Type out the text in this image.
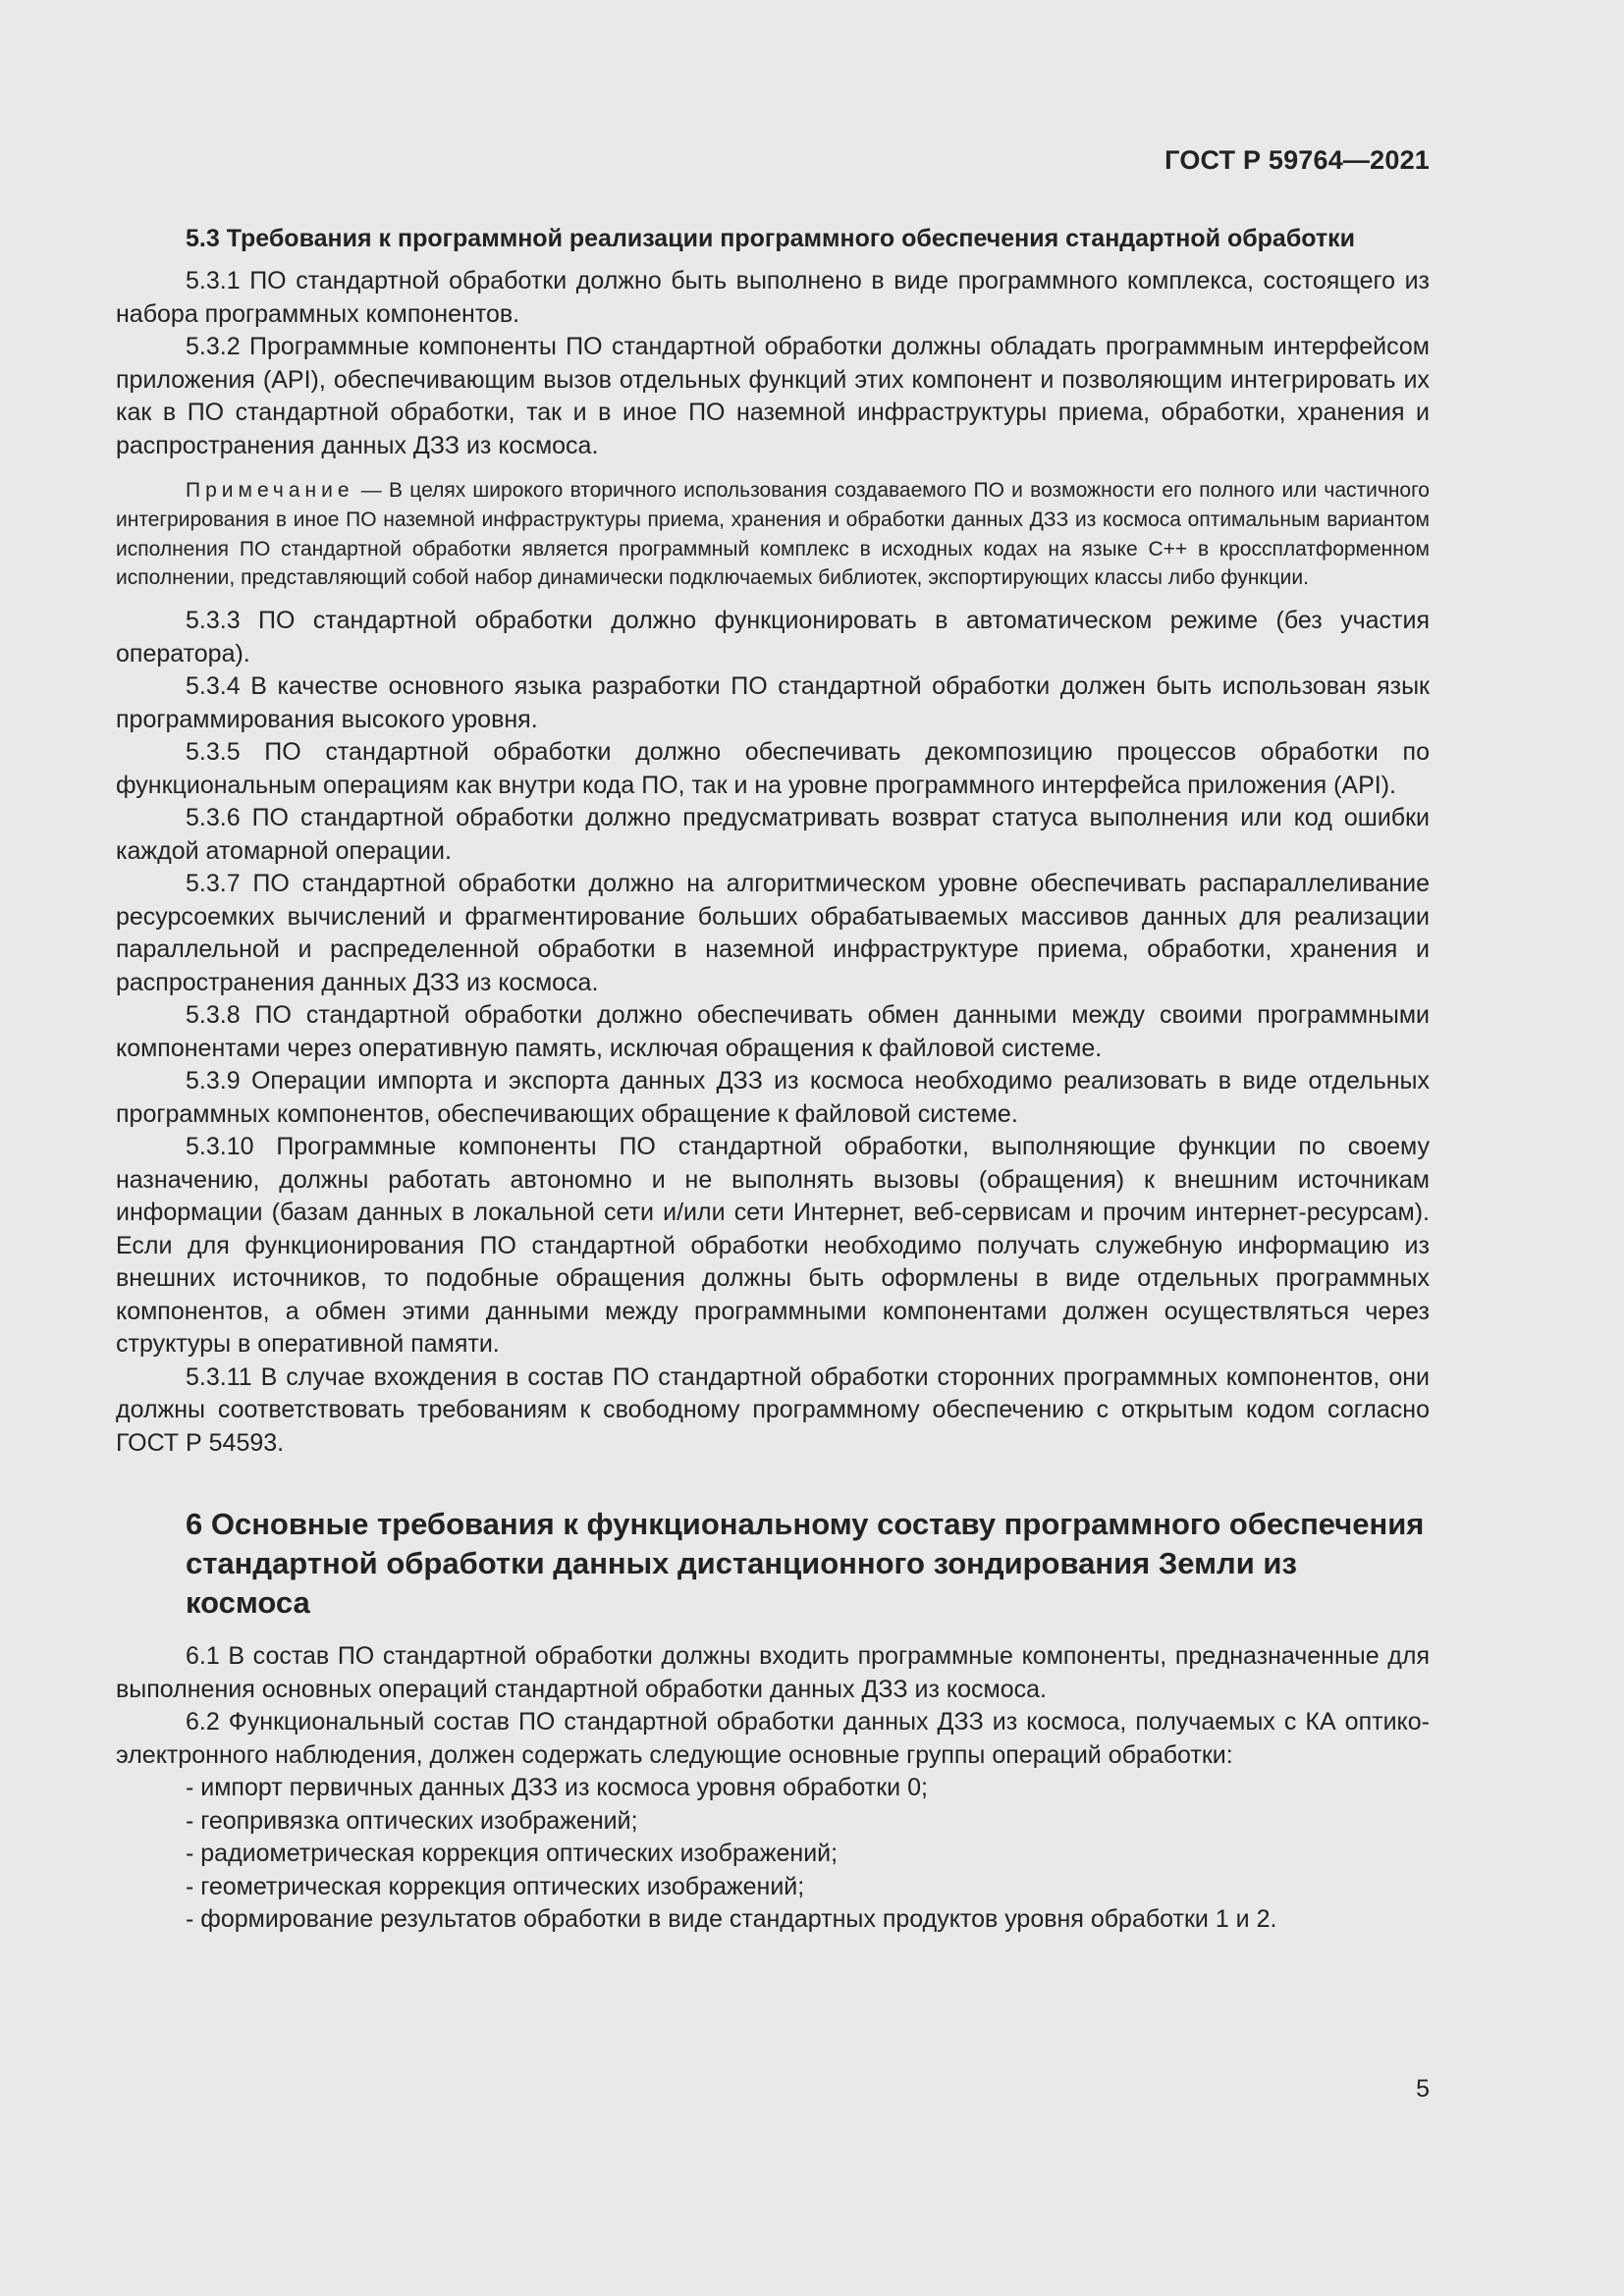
ГОСТ Р 59764—2021
5.3 Требования к программной реализации программного обеспечения стандартной обработки

5.3.1 ПО стандартной обработки должно быть выполнено в виде программного комплекса, состоящего из набора программных компонентов.

5.3.2 Программные компоненты ПО стандартной обработки должны обладать программным интерфейсом приложения (API), обеспечивающим вызов отдельных функций этих компонент и позволяющим интегрировать их как в ПО стандартной обработки, так и в иное ПО наземной инфраструктуры приема, обработки, хранения и распространения данных ДЗЗ из космоса.

Примечание — В целях широкого вторичного использования создаваемого ПО и возможности его полного или частичного интегрирования в иное ПО наземной инфраструктуры приема, хранения и обработки данных ДЗЗ из космоса оптимальным вариантом исполнения ПО стандартной обработки является программный комплекс в исходных кодах на языке С++ в кроссплатформенном исполнении, представляющий собой набор динамически подключаемых библиотек, экспортирующих классы либо функции.

5.3.3 ПО стандартной обработки должно функционировать в автоматическом режиме (без участия оператора).

5.3.4 В качестве основного языка разработки ПО стандартной обработки должен быть использован язык программирования высокого уровня.

5.3.5 ПО стандартной обработки должно обеспечивать декомпозицию процессов обработки по функциональным операциям как внутри кода ПО, так и на уровне программного интерфейса приложения (API).

5.3.6 ПО стандартной обработки должно предусматривать возврат статуса выполнения или код ошибки каждой атомарной операции.

5.3.7 ПО стандартной обработки должно на алгоритмическом уровне обеспечивать распараллеливание ресурсоемких вычислений и фрагментирование больших обрабатываемых массивов данных для реализации параллельной и распределенной обработки в наземной инфраструктуре приема, обработки, хранения и распространения данных ДЗЗ из космоса.

5.3.8 ПО стандартной обработки должно обеспечивать обмен данными между своими программными компонентами через оперативную память, исключая обращения к файловой системе.

5.3.9 Операции импорта и экспорта данных ДЗЗ из космоса необходимо реализовать в виде отдельных программных компонентов, обеспечивающих обращение к файловой системе.

5.3.10 Программные компоненты ПО стандартной обработки, выполняющие функции по своему назначению, должны работать автономно и не выполнять вызовы (обращения) к внешним источникам информации (базам данных в локальной сети и/или сети Интернет, веб-сервисам и прочим интернет-ресурсам). Если для функционирования ПО стандартной обработки необходимо получать служебную информацию из внешних источников, то подобные обращения должны быть оформлены в виде отдельных программных компонентов, а обмен этими данными между программными компонентами должен осуществляться через структуры в оперативной памяти.

5.3.11 В случае вхождения в состав ПО стандартной обработки сторонних программных компонентов, они должны соответствовать требованиям к свободному программному обеспечению с открытым кодом согласно ГОСТ Р 54593.

6 Основные требования к функциональному составу программного обеспечения стандартной обработки данных дистанционного зондирования Земли из космоса

6.1 В состав ПО стандартной обработки должны входить программные компоненты, предназначенные для выполнения основных операций стандартной обработки данных ДЗЗ из космоса.

6.2 Функциональный состав ПО стандартной обработки данных ДЗЗ из космоса, получаемых с КА оптико-электронного наблюдения, должен содержать следующие основные группы операций обработки:

- импорт первичных данных ДЗЗ из космоса уровня обработки 0;

- геопривязка оптических изображений;

- радиометрическая коррекция оптических изображений;

- геометрическая коррекция оптических изображений;

- формирование результатов обработки в виде стандартных продуктов уровня обработки 1 и 2.

5
